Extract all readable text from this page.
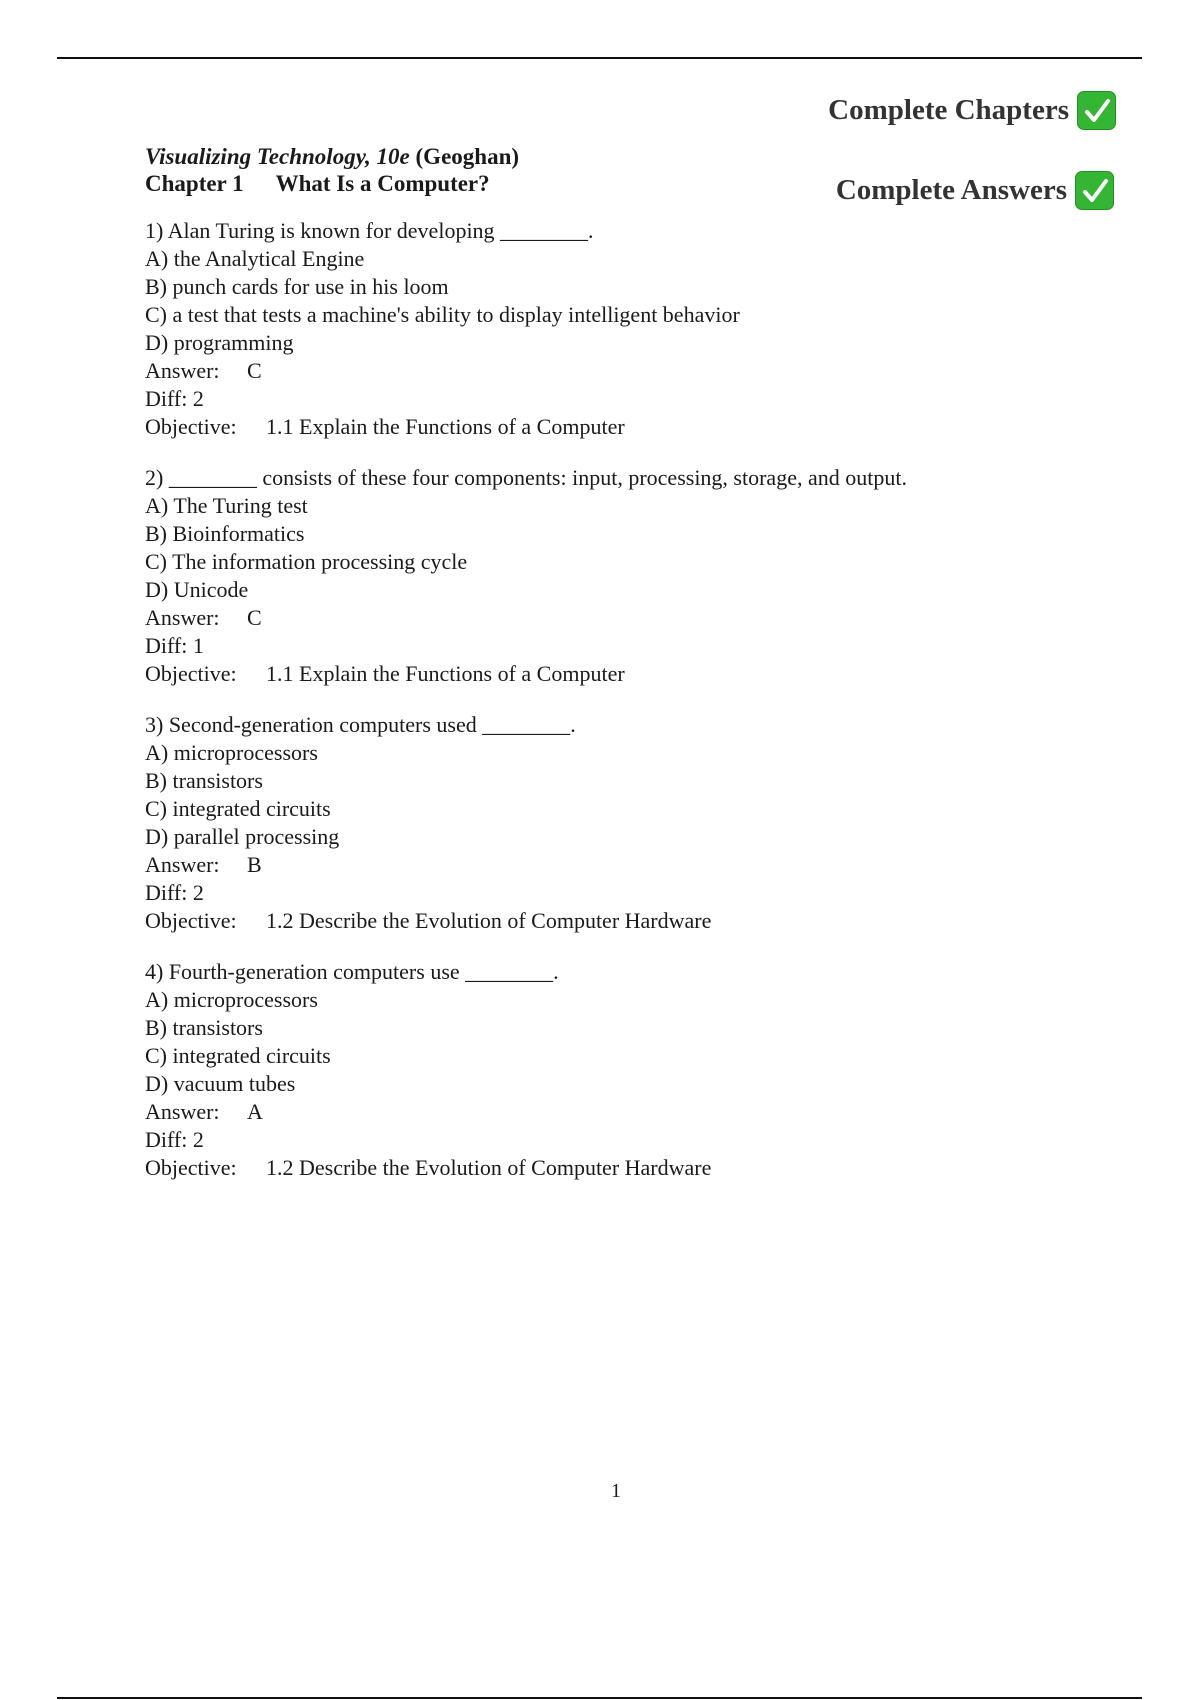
Complete Chapters
Complete Answers
Visualizing Technology, 10e (Geoghan)
Chapter 1 What Is a Computer?
1) Alan Turing is known for developing ________.
A) the Analytical Engine
B) punch cards for use in his loom
C) a test that tests a machine's ability to display intelligent behavior
D) programming
Answer: C
Diff: 2
Objective: 1.1 Explain the Functions of a Computer
2) ________ consists of these four components: input, processing, storage, and output.
A) The Turing test
B) Bioinformatics
C) The information processing cycle
D) Unicode
Answer: C
Diff: 1
Objective: 1.1 Explain the Functions of a Computer
3) Second-generation computers used ________.
A) microprocessors
B) transistors
C) integrated circuits
D) parallel processing
Answer: B
Diff: 2
Objective: 1.2 Describe the Evolution of Computer Hardware
4) Fourth-generation computers use ________.
A) microprocessors
B) transistors
C) integrated circuits
D) vacuum tubes
Answer: A
Diff: 2
Objective: 1.2 Describe the Evolution of Computer Hardware
1
